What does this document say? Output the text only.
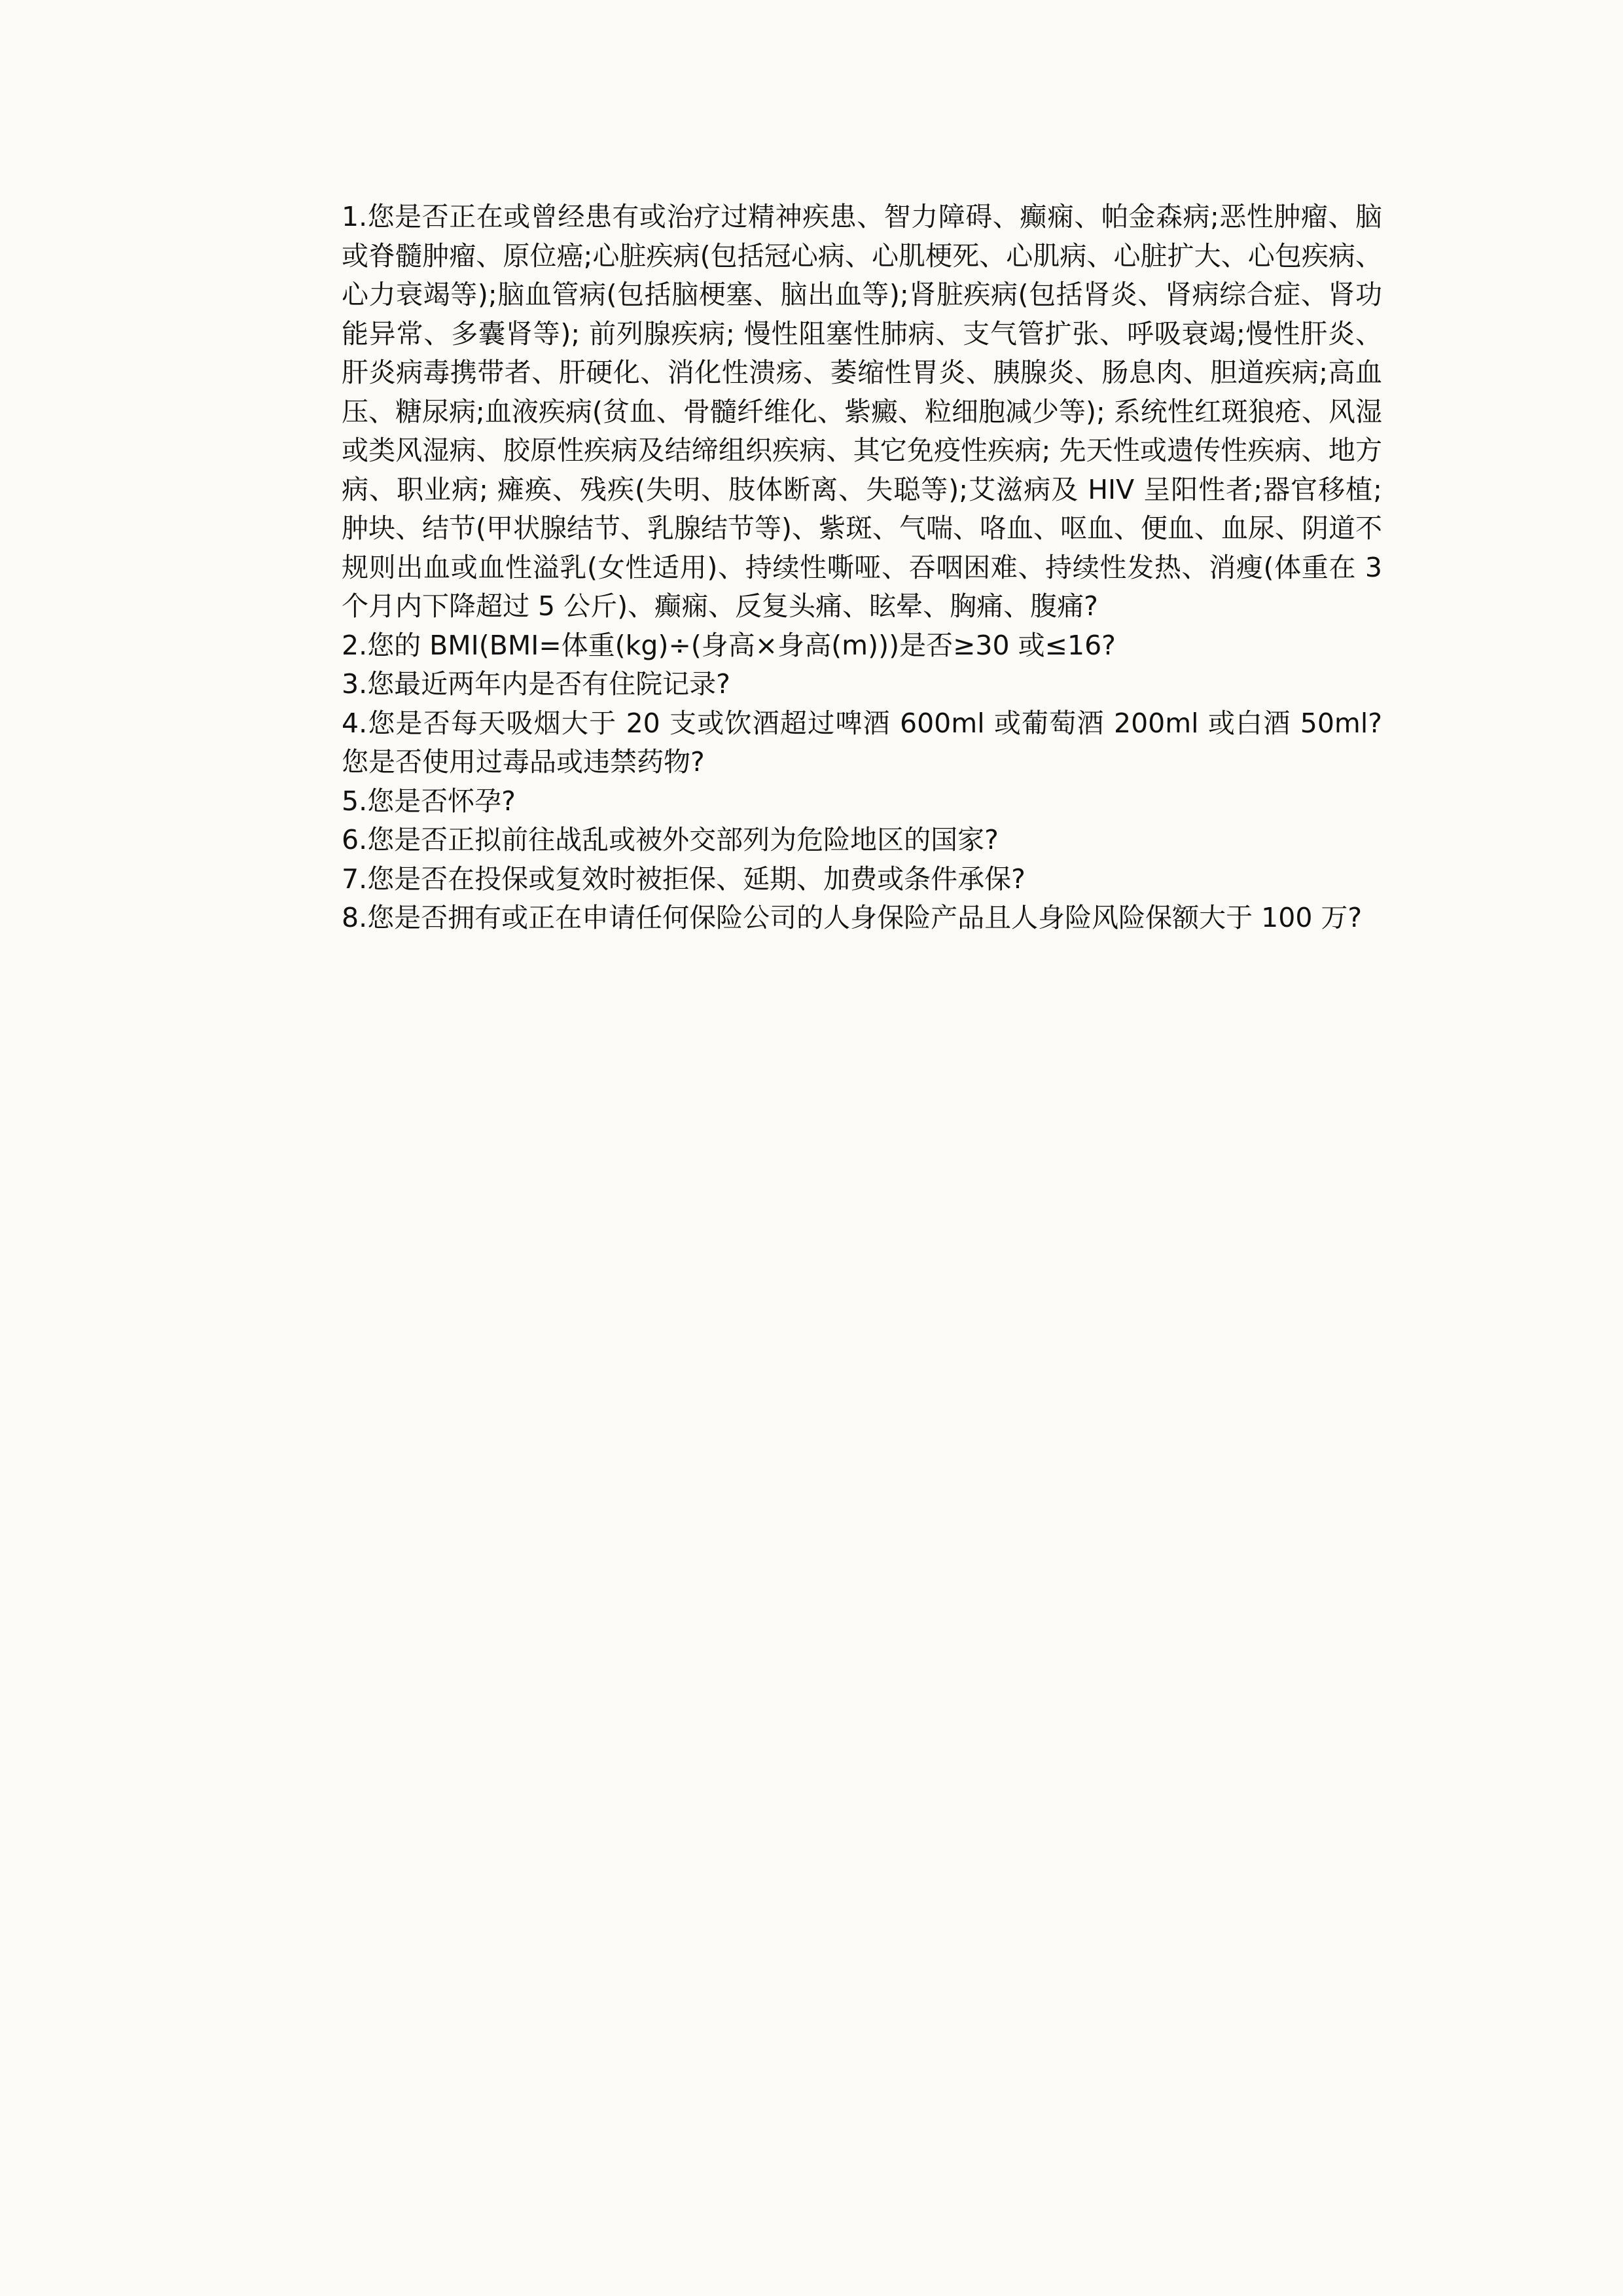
1.您是否正在或曾经患有或治疗过精神疾患、智力障碍、癫痫、帕金森病;恶性肿瘤、脑或脊髓肿瘤、原位癌;心脏疾病(包括冠心病、心肌梗死、心肌病、心脏扩大、心包疾病、心力衰竭等);脑血管病(包括脑梗塞、脑出血等);肾脏疾病(包括肾炎、肾病综合症、肾功能异常、多囊肾等); 前列腺疾病; 慢性阻塞性肺病、支气管扩张、呼吸衰竭;慢性肝炎、肝炎病毒携带者、肝硬化、消化性溃疡、萎缩性胃炎、胰腺炎、肠息肉、胆道疾病;高血压、糖尿病;血液疾病(贫血、骨髓纤维化、紫癜、粒细胞减少等); 系统性红斑狼疮、风湿或类风湿病、胶原性疾病及结缔组织疾病、其它免疫性疾病; 先天性或遗传性疾病、地方病、职业病; 瘫痪、残疾(失明、肢体断离、失聪等);艾滋病及 HIV 呈阳性者;器官移植;肿块、结节(甲状腺结节、乳腺结节等)、紫斑、气喘、咯血、呕血、便血、血尿、阴道不规则出血或血性溢乳(女性适用)、持续性嘶哑、吞咽困难、持续性发热、消瘦(体重在 3 个月内下降超过 5 公斤)、癫痫、反复头痛、眩晕、胸痛、腹痛?

2.您的 BMI(BMI=体重(kg)÷(身高×身高(m)))是否≥30 或≤16?

3.您最近两年内是否有住院记录?

4.您是否每天吸烟大于 20 支或饮酒超过啤酒 600ml 或葡萄酒 200ml 或白酒 50ml?您是否使用过毒品或违禁药物?

5.您是否怀孕?

6.您是否正拟前往战乱或被外交部列为危险地区的国家?

7.您是否在投保或复效时被拒保、延期、加费或条件承保?

8.您是否拥有或正在申请任何保险公司的人身保险产品且人身险风险保额大于 100 万?
